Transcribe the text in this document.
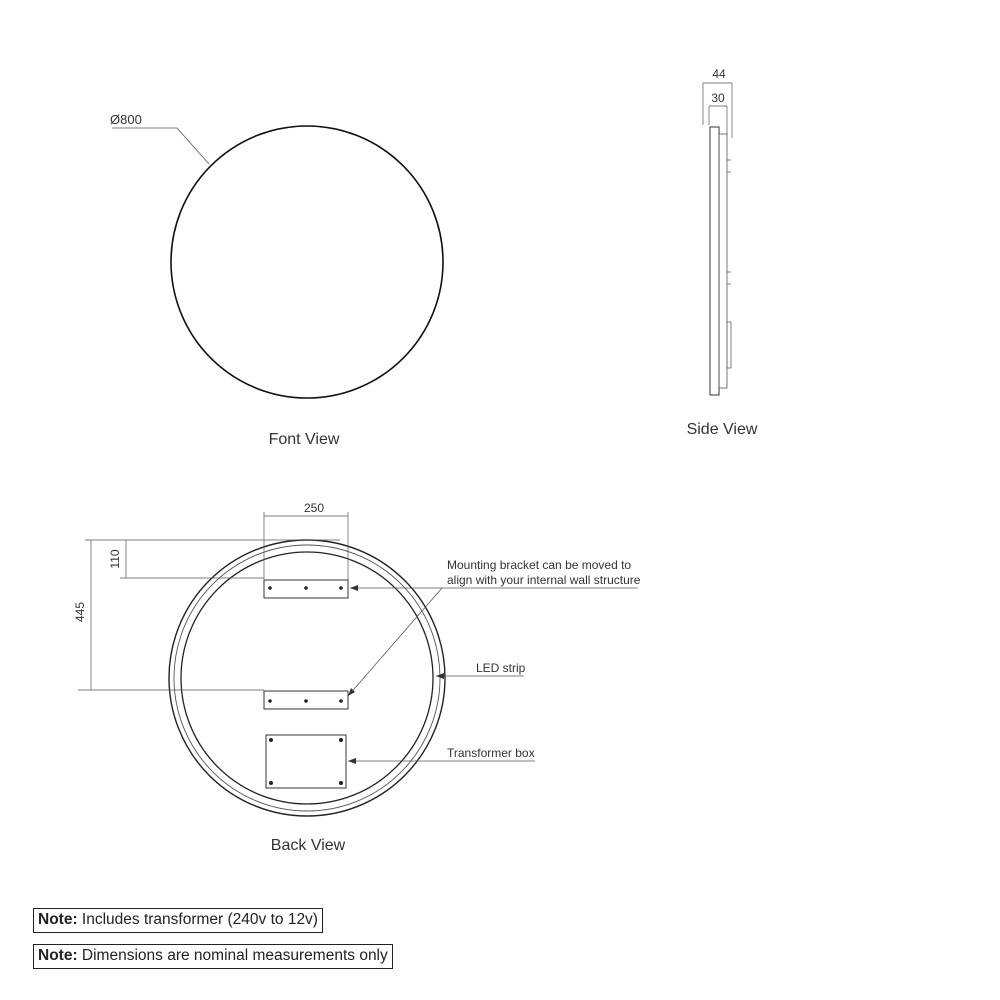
Ø800
Font View
44
30
Side View
250
110
445
Mounting bracket can be moved to
align with your internal wall structure
LED strip
Transformer box
Back View
Note: Includes transformer (240v to 12v)
Note: Dimensions are nominal measurements only
